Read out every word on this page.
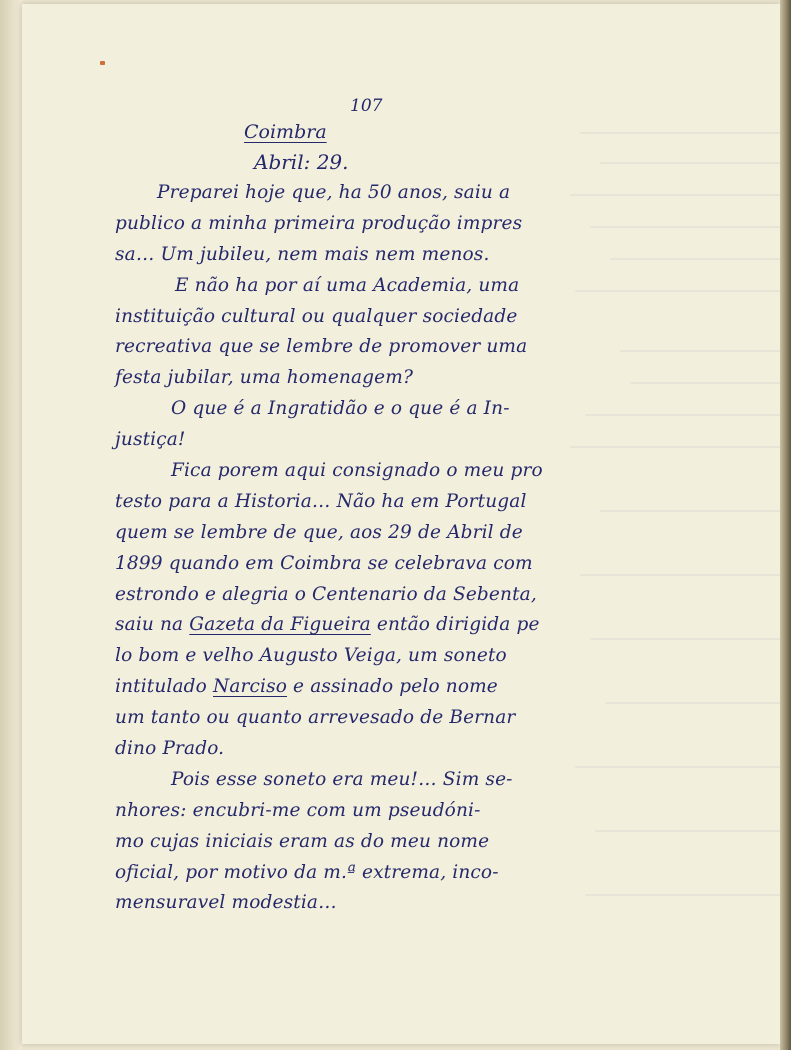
107

Coimbra

Abril: 29.

Preparei hoje que, ha 50 anos, saiu a
publico a minha primeira produção impres
sa… Um jubileu, nem mais nem menos.
E não ha por aí uma Academia, uma
instituição cultural ou qualquer sociedade
recreativa que se lembre de promover uma
festa jubilar, uma homenagem?
O que é a Ingratidão e o que é a In-
justiça!
Fica porem aqui consignado o meu pro
testo para a Historia… Não ha em Portugal
quem se lembre de que, aos 29 de Abril de
1899 quando em Coimbra se celebrava com
estrondo e alegria o Centenario da Sebenta,
saiu na Gazeta da Figueira então dirigida pe
lo bom e velho Augusto Veiga, um soneto
intitulado Narciso e assinado pelo nome
um tanto ou quanto arrevesado de Bernar
dino Prado.
Pois esse soneto era meu!… Sim se-
nhores: encubri-me com um pseudóni-
mo cujas iniciais eram as do meu nome
oficial, por motivo da m.ª extrema, inco-
mensuravel modestia…
